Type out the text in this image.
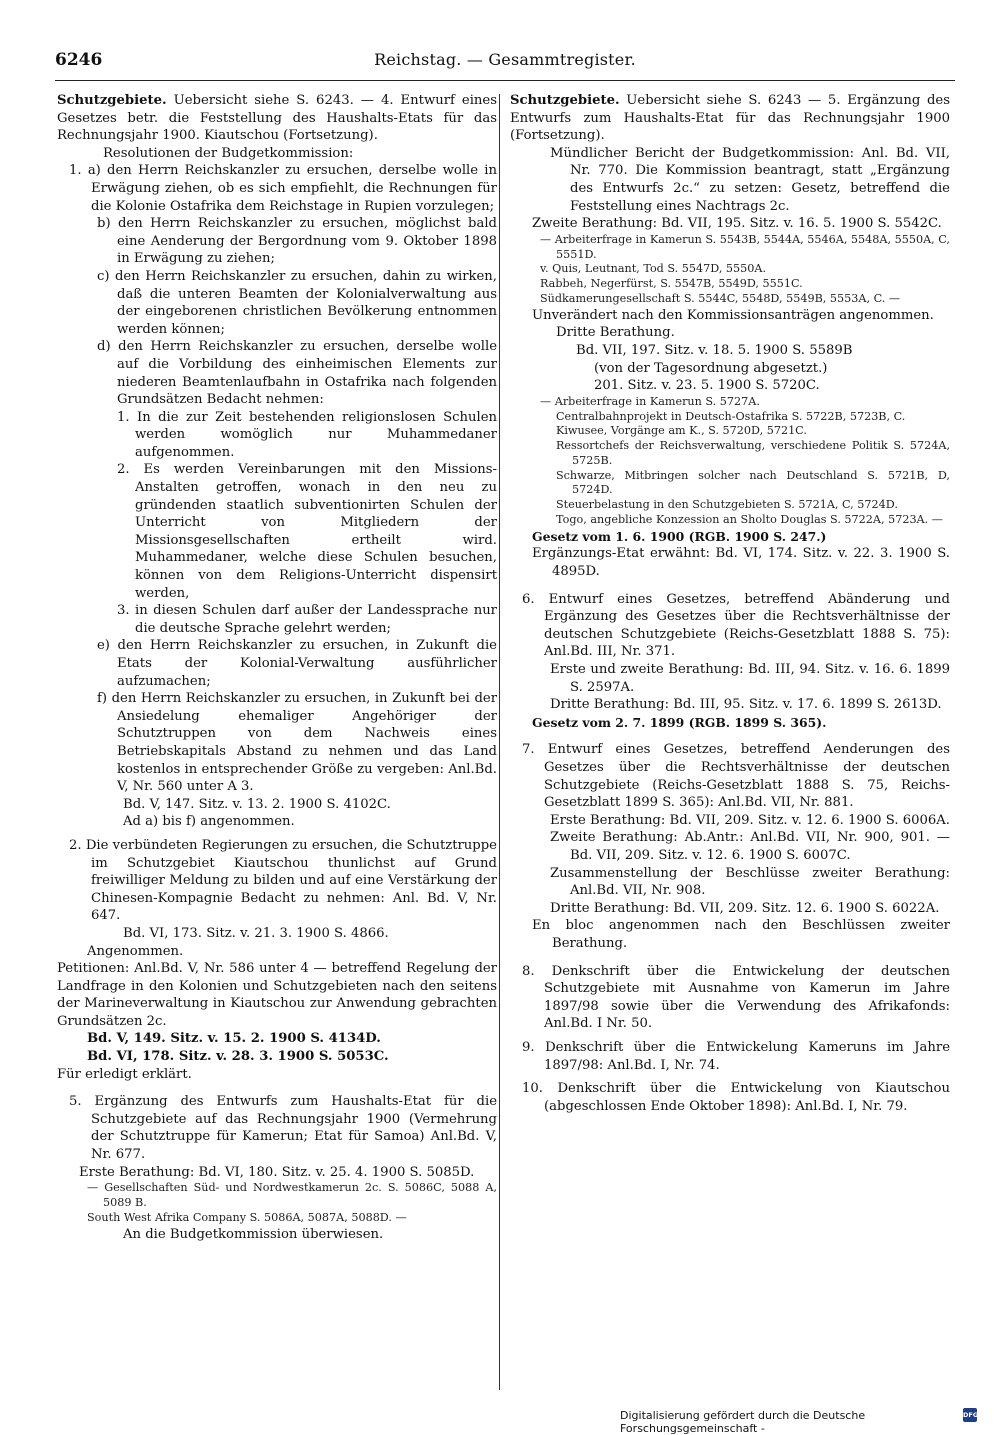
6246	Reichstag. — Gesammtregister.

Schutzgebiete. Uebersicht siehe S. 6243. — 4. Entwurf eines Gesetzes betr. die Feststellung des Haushalts-Etats für das Rechnungsjahr 1900. Kiautschou (Fortsetzung).

Resolutionen der Budgetkommission:

1. a) den Herrn Reichskanzler zu ersuchen, derselbe wolle in Erwägung ziehen, ob es sich empfiehlt, die Rechnungen für die Kolonie Ostafrika dem Reichstage in Rupien vorzulegen;

b) den Herrn Reichskanzler zu ersuchen, möglichst bald eine Aenderung der Bergordnung vom 9. Oktober 1898 in Erwägung zu ziehen;

c) den Herrn Reichskanzler zu ersuchen, dahin zu wirken, daß die unteren Beamten der Kolonialverwaltung aus der eingeborenen christlichen Bevölkerung entnommen werden können;

d) den Herrn Reichskanzler zu ersuchen, derselbe wolle auf die Vorbildung des einheimischen Elements zur niederen Beamtenlaufbahn in Ostafrika nach folgenden Grundsätzen Bedacht nehmen:

1. In die zur Zeit bestehenden religionslosen Schulen werden womöglich nur Muhammedaner aufgenommen.

2. Es werden Vereinbarungen mit den Missions-Anstalten getroffen, wonach in den neu zu gründenden staatlich subventionirten Schulen der Unterricht von Mitgliedern der Missionsgesellschaften ertheilt wird. Muhammedaner, welche diese Schulen besuchen, können von dem Religions-Unterricht dispensirt werden,

3. in diesen Schulen darf außer der Landessprache nur die deutsche Sprache gelehrt werden;

e) den Herrn Reichskanzler zu ersuchen, in Zukunft die Etats der Kolonial-Verwaltung ausführlicher aufzumachen;

f) den Herrn Reichskanzler zu ersuchen, in Zukunft bei der Ansiedelung ehemaliger Angehöriger der Schutztruppen von dem Nachweis eines Betriebskapitals Abstand zu nehmen und das Land kostenlos in entsprechender Größe zu vergeben: Anl.Bd. V, Nr. 560 unter A 3.

Bd. V, 147. Sitz. v. 13. 2. 1900 S. 4102C.

Ad a) bis f) angenommen.

2. Die verbündeten Regierungen zu ersuchen, die Schutztruppe im Schutzgebiet Kiautschou thunlichst auf Grund freiwilliger Meldung zu bilden und auf eine Verstärkung der Chinesen-Kompagnie Bedacht zu nehmen: Anl. Bd. V, Nr. 647.

Bd. VI, 173. Sitz. v. 21. 3. 1900 S. 4866.

Angenommen.

Petitionen: Anl.Bd. V, Nr. 586 unter 4 — betreffend Regelung der Landfrage in den Kolonien und Schutzgebieten nach den seitens der Marineverwaltung in Kiautschou zur Anwendung gebrachten Grundsätzen 2c.

Bd. V, 149. Sitz. v. 15. 2. 1900 S. 4134D.

Bd. VI, 178. Sitz. v. 28. 3. 1900 S. 5053C.

Für erledigt erklärt.

5. Ergänzung des Entwurfs zum Haushalts-Etat für die Schutzgebiete auf das Rechnungsjahr 1900 (Vermehrung der Schutztruppe für Kamerun; Etat für Samoa) Anl.Bd. V, Nr. 677.

Erste Berathung: Bd. VI, 180. Sitz. v. 25. 4. 1900 S. 5085D.

— Gesellschaften Süd- und Nordwestkamerun 2c. S. 5086C, 5088 A, 5089 B.

South West Afrika Company S. 5086A, 5087A, 5088D. —

An die Budgetkommission überwiesen.

Schutzgebiete. Uebersicht siehe S. 6243 — 5. Ergänzung des Entwurfs zum Haushalts-Etat für das Rechnungsjahr 1900 (Fortsetzung).

Mündlicher Bericht der Budgetkommission: Anl. Bd. VII, Nr. 770. Die Kommission beantragt, statt „Ergänzung des Entwurfs 2c.“ zu setzen: Gesetz, betreffend die Feststellung eines Nachtrags 2c.

Zweite Berathung: Bd. VII, 195. Sitz. v. 16. 5. 1900 S. 5542C.

— Arbeiterfrage in Kamerun S. 5543B, 5544A, 5546A, 5548A, 5550A, C, 5551D.

v. Quis, Leutnant, Tod S. 5547D, 5550A.

Rabbeh, Negerfürst, S. 5547B, 5549D, 5551C.

Südkamerungesellschaft S. 5544C, 5548D, 5549B, 5553A, C. —

Unverändert nach den Kommissionsanträgen angenommen.

Dritte Berathung.

Bd. VII, 197. Sitz. v. 18. 5. 1900 S. 5589B

(von der Tagesordnung abgesetzt.)

201. Sitz. v. 23. 5. 1900 S. 5720C.

— Arbeiterfrage in Kamerun S. 5727A.

Centralbahnprojekt in Deutsch-Ostafrika S. 5722B, 5723B, C.

Kiwusee, Vorgänge am K., S. 5720D, 5721C.

Ressortchefs der Reichsverwaltung, verschiedene Politik S. 5724A, 5725B.

Schwarze, Mitbringen solcher nach Deutschland S. 5721B, D, 5724D.

Steuerbelastung in den Schutzgebieten S. 5721A, C, 5724D.

Togo, angebliche Konzession an Sholto Douglas S. 5722A, 5723A. —

Gesetz vom 1. 6. 1900 (RGB. 1900 S. 247.)

Ergänzungs-Etat erwähnt: Bd. VI, 174. Sitz. v. 22. 3. 1900 S. 4895D.

6. Entwurf eines Gesetzes, betreffend Abänderung und Ergänzung des Gesetzes über die Rechtsverhältnisse der deutschen Schutzgebiete (Reichs-Gesetzblatt 1888 S. 75): Anl.Bd. III, Nr. 371.

Erste und zweite Berathung: Bd. III, 94. Sitz. v. 16. 6. 1899 S. 2597A.

Dritte Berathung: Bd. III, 95. Sitz. v. 17. 6. 1899 S. 2613D.

Gesetz vom 2. 7. 1899 (RGB. 1899 S. 365).

7. Entwurf eines Gesetzes, betreffend Aenderungen des Gesetzes über die Rechtsverhältnisse der deutschen Schutzgebiete (Reichs-Gesetzblatt 1888 S. 75, Reichs-Gesetzblatt 1899 S. 365): Anl.Bd. VII, Nr. 881.

Erste Berathung: Bd. VII, 209. Sitz. v. 12. 6. 1900 S. 6006A.

Zweite Berathung: Ab.Antr.: Anl.Bd. VII, Nr. 900, 901. — Bd. VII, 209. Sitz. v. 12. 6. 1900 S. 6007C.

Zusammenstellung der Beschlüsse zweiter Berathung: Anl.Bd. VII, Nr. 908.

Dritte Berathung: Bd. VII, 209. Sitz. 12. 6. 1900 S. 6022A.

En bloc angenommen nach den Beschlüssen zweiter Berathung.

8. Denkschrift über die Entwickelung der deutschen Schutzgebiete mit Ausnahme von Kamerun im Jahre 1897/98 sowie über die Verwendung des Afrikafonds: Anl.Bd. I Nr. 50.

9. Denkschrift über die Entwickelung Kameruns im Jahre 1897/98: Anl.Bd. I, Nr. 74.

10. Denkschrift über die Entwickelung von Kiautschou (abgeschlossen Ende Oktober 1898): Anl.Bd. I, Nr. 79.

Digitalisierung gefördert durch die Deutsche Forschungsgemeinschaft -
DFG
